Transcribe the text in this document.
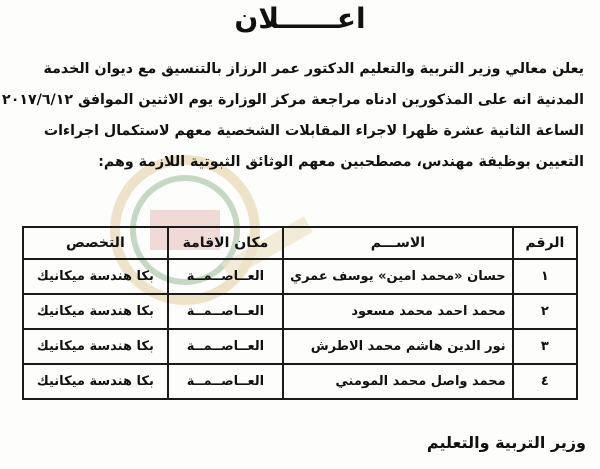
اعــــــلان
يعلن معالي وزير التربية والتعليم الدكتور عمر الرزاز بالتنسيق مع ديوان الخدمة
المدنية انه على المذكورين ادناه مراجعة مركز الوزارة يوم الاثنين الموافق ٢٠١٧/٦/١٢
الساعة الثانية عشرة ظهرا لاجراء المقابلات الشخصية معهم لاستكمال اجراءات
التعيين بوظيفة مهندس، مصطحبين معهم الوثائق الثبوتية اللازمة وهم:
الرقم	الاســـم	مكان الاقامة	التخصص
١	حسان «محمد امين» يوسف عمري	العــاصــمــة	بكا هندسة ميكانيك
٢	محمد احمد محمد مسعود	العــاصــمــة	بكا هندسة ميكانيك
٣	نور الدين هاشم محمد الاطرش	العــاصــمــة	بكا هندسة ميكانيك
٤	محمد واصل محمد المومني	العــاصــمــة	بكا هندسة ميكانيك
وزير التربية والتعليم
